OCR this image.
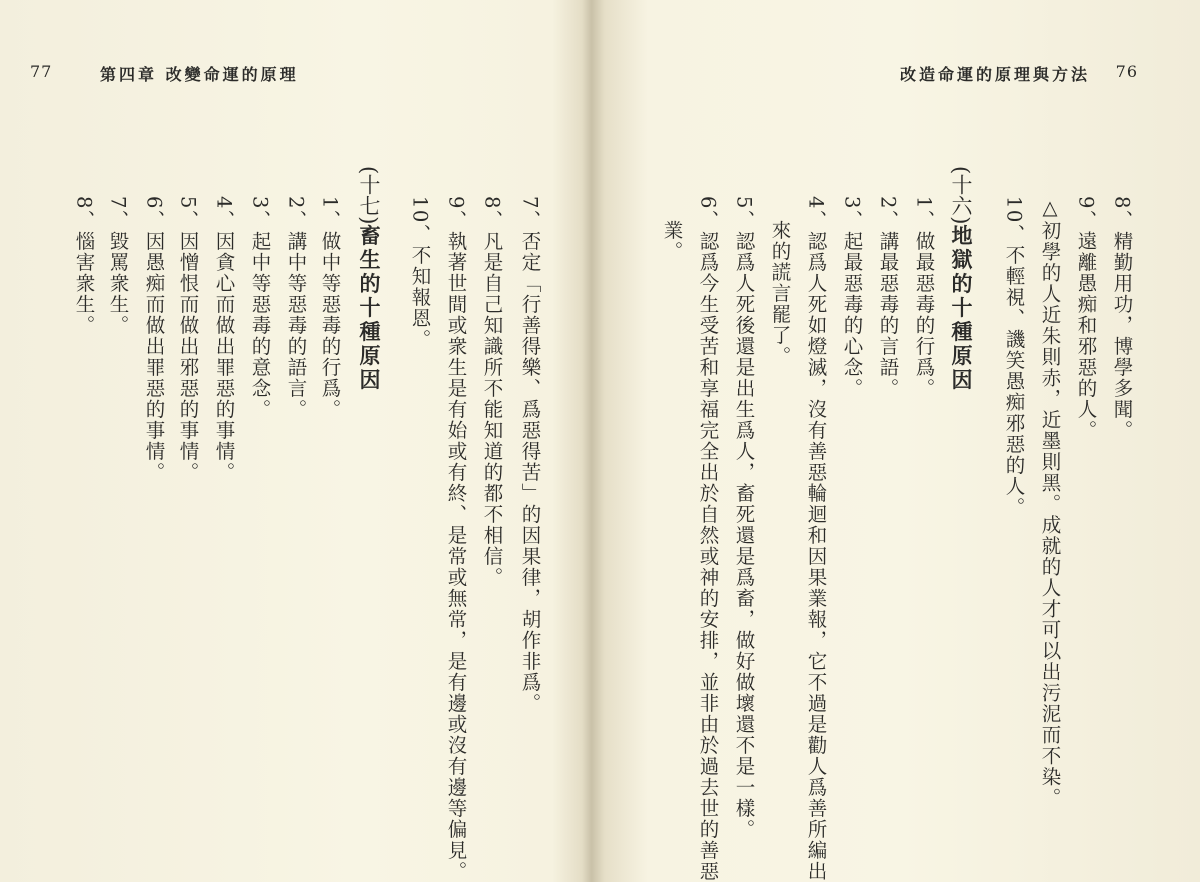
77	第四章 改變命運的原理

7、否定「行善得樂、爲惡得苦」的因果律，胡作非爲。
8、凡是自己知識所不能知道的都不相信。
9、執著世間或衆生是有始或有終、是常或無常，是有邊或沒有邊等偏見。
10、不知報恩。
(十七)畜生的十種原因
1、做中等惡毒的行爲。
2、講中等惡毒的語言。
3、起中等惡毒的意念。
4、因貪心而做出罪惡的事情。
5、因憎恨而做出邪惡的事情。
6、因愚痴而做出罪惡的事情。
7、毀罵衆生。
8、惱害衆生。
改造命運的原理與方法 76
8、精勤用功，博學多聞。
9、遠離愚痴和邪惡的人。
△初學的人近朱則赤，近墨則黑。成就的人才可以出污泥而不染。
10、不輕視、譏笑愚痴邪惡的人。
(十六)地獄的十種原因
1、做最惡毒的行爲。
2、講最惡毒的言語。
3、起最惡毒的心念。
4、認爲人死如燈滅，沒有善惡輪迴和因果業報，它不過是勸人爲善所編出
來的謊言罷了。
5、認爲人死後還是出生爲人，畜死還是爲畜，做好做壞還不是一樣。
6、認爲今生受苦和享福完全出於自然或神的安排，並非由於過去世的善惡
業。
